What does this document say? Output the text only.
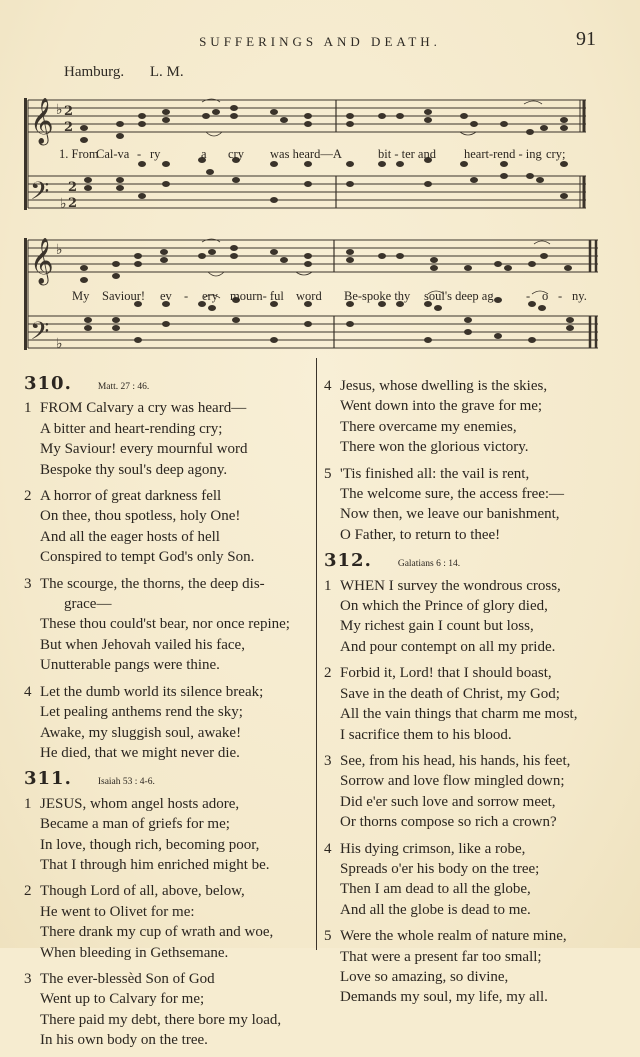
SUFFERINGS AND DEATH.	91
Hamburg. L. M.
𝄞
𝄢
♭ 2
2
♭
2
2
1. From
Cal-va - ry	a cry was heard—A	bit - ter and heart-rend - ing cry;
𝄞
𝄢
♭
♭
My Saviour! ev - ery mourn- ful word Be-spoke thy soul's deep ag	- o - ny.
310.	Matt. 27 : 46.
1 FROM Calvary a cry was heard—
A bitter and heart-rending cry;
My Saviour! every mournful word
Bespoke thy soul's deep agony.
2 A horror of great darkness fell
On thee, thou spotless, holy One!
And all the eager hosts of hell
Conspired to tempt God's only Son.
3 The scourge, the thorns, the deep dis-
grace—
These thou could'st bear, nor once repine;
But when Jehovah vailed his face,
Unutterable pangs were thine.
4 Let the dumb world its silence break;
Let pealing anthems rend the sky;
Awake, my sluggish soul, awake!
He died, that we might never die.
311.	Isaiah 53 : 4-6.
1 JESUS, whom angel hosts adore,
Became a man of griefs for me;
In love, though rich, becoming poor,
That I through him enriched might be.
2 Though Lord of all, above, below,
He went to Olivet for me:
There drank my cup of wrath and woe,
When bleeding in Gethsemane.
3 The ever-blessèd Son of God
Went up to Calvary for me;
There paid my debt, there bore my load,
In his own body on the tree.
4 Jesus, whose dwelling is the skies,
Went down into the grave for me;
There overcame my enemies,
There won the glorious victory.
5 'Tis finished all: the vail is rent,
The welcome sure, the access free:—
Now then, we leave our banishment,
O Father, to return to thee!
312.	Galatians 6 : 14.
1 WHEN I survey the wondrous cross,
On which the Prince of glory died,
My richest gain I count but loss,
And pour contempt on all my pride.
2 Forbid it, Lord! that I should boast,
Save in the death of Christ, my God;
All the vain things that charm me most,
I sacrifice them to his blood.
3 See, from his head, his hands, his feet,
Sorrow and love flow mingled down;
Did e'er such love and sorrow meet,
Or thorns compose so rich a crown?
4 His dying crimson, like a robe,
Spreads o'er his body on the tree;
Then I am dead to all the globe,
And all the globe is dead to me.
5 Were the whole realm of nature mine,
That were a present far too small;
Love so amazing, so divine,
Demands my soul, my life, my all.
